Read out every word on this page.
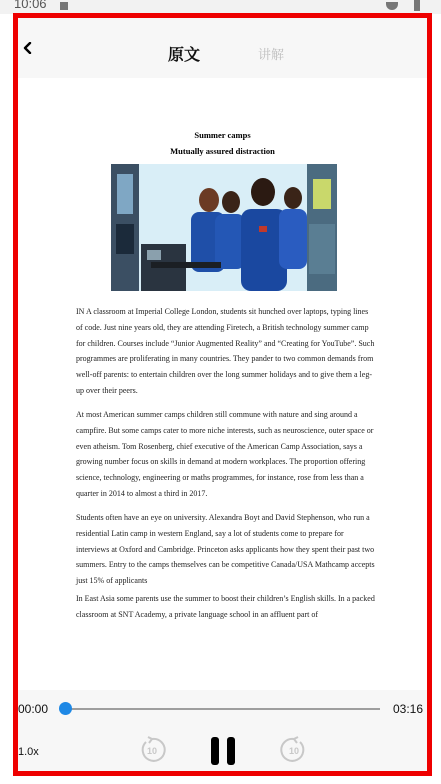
10:06
原文	讲解
Summer camps
Mutually assured distraction
IN A classroom at Imperial College London, students sit hunched over laptops, typing lines of code. Just nine years old, they are attending Firetech, a British technology summer camp for children. Courses include “Junior Augmented Reality” and “Creating for YouTube”. Such programmes are proliferating in many countries. They pander to two common demands from well-off parents: to entertain children over the long summer holidays and to give them a leg-up over their peers.
At most American summer camps children still commune with nature and sing around a campfire. But some camps cater to more niche interests, such as neuroscience, outer space or even atheism. Tom Rosenberg, chief executive of the American Camp Association, says a growing number focus on skills in demand at modern workplaces. The proportion offering science, technology, engineering or maths programmes, for instance, rose from less than a quarter in 2014 to almost a third in 2017.
Students often have an eye on university. Alexandra Boyt and David Stephenson, who run a residential Latin camp in western England, say a lot of students come to prepare for interviews at Oxford and Cambridge. Princeton asks applicants how they spent their past two summers. Entry to the camps themselves can be competitive Canada/USA Mathcamp accepts just 15% of applicants
In East Asia some parents use the summer to boost their children’s English skills. In a packed classroom at SNT Academy, a private language school in an affluent part of
00:00	03:16
1.0x	10	10
